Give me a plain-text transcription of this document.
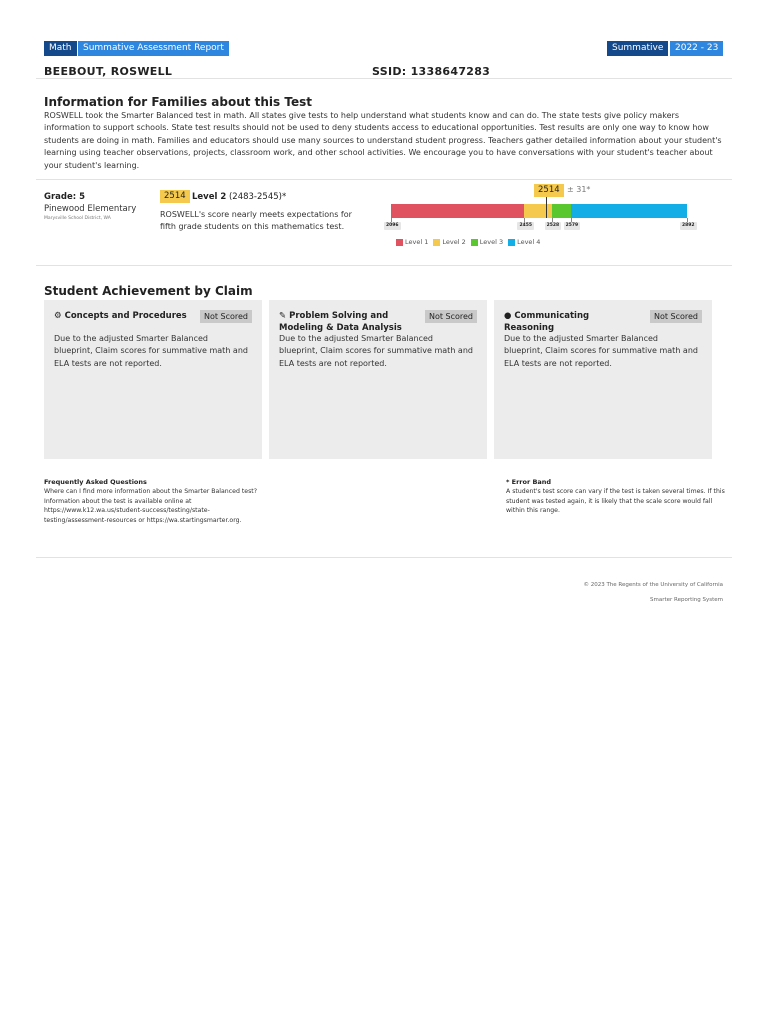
Math	Summative Assessment Report	Summative	2022 - 23
BEEBOUT, ROSWELL	SSID: 1338647283
Information for Families about this Test
ROSWELL took the Smarter Balanced test in math. All states give tests to help understand what students know and can do. The state tests give policy makers information to support schools. State test results should not be used to deny students access to educational opportunities. Test results are only one way to know how students are doing in math. Families and educators should use many sources to understand student progress. Teachers gather detailed information about your student's learning using teacher observations, projects, classroom work, and other school activities. We encourage you to have conversations with your student's teacher about your student's learning.
Grade: 5
Pinewood Elementary
Marysville School District, WA
2514 Level 2 (2483-2545)*
ROSWELL's score nearly meets expectations for fifth grade students on this mathematics test.
2514 ± 31*
2096	2455	2528	2579	2892
Level 1 Level 2 Level 3 Level 4
Student Achievement by Claim
⚙ Concepts and Procedures	Not Scored
Due to the adjusted Smarter Balanced blueprint, Claim scores for summative math and ELA tests are not reported.
✎ Problem Solving and Modeling & Data Analysis
Not Scored
Due to the adjusted Smarter Balanced blueprint, Claim scores for summative math and ELA tests are not reported.
● Communicating Reasoning
Not Scored
Due to the adjusted Smarter Balanced blueprint, Claim scores for summative math and ELA tests are not reported.
Frequently Asked Questions
Where can I find more information about the Smarter Balanced test? Information about the test is available online at https://www.k12.wa.us/student-success/testing/state-testing/assessment-resources or https://wa.startingsmarter.org.
* Error Band
A student's test score can vary if the test is taken several times. If this student was tested again, it is likely that the scale score would fall within this range.
© 2023 The Regents of the University of California
Smarter Reporting System
